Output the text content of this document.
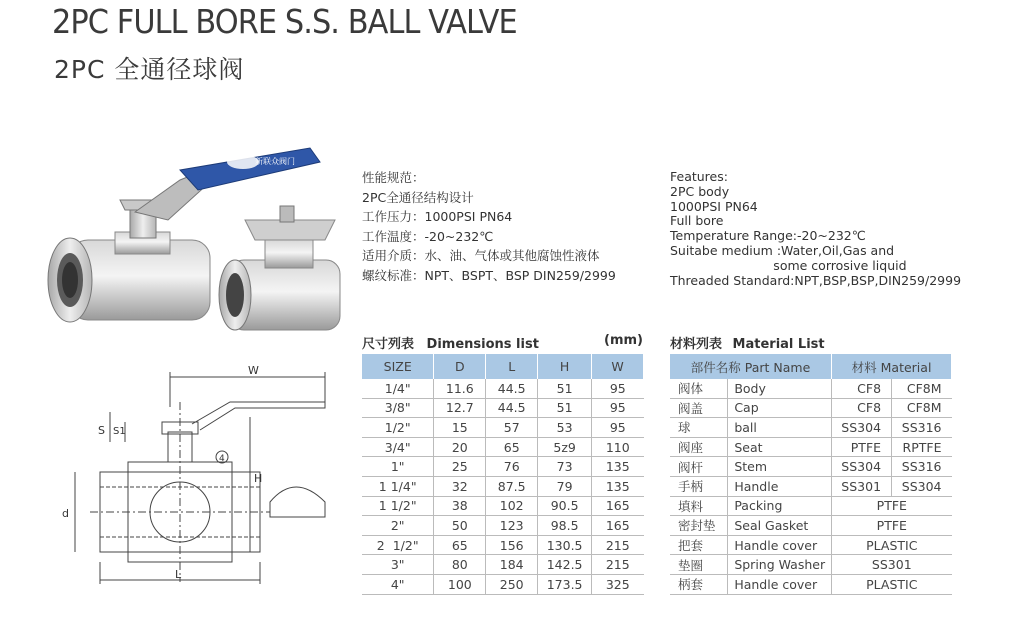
2PC FULL BORE S.S. BALL VALVE
2PC 全通径球阀
新联众阀门
W
H
S S1
d
L
4
性能规范：
2PC全通径结构设计
工作压力：1000PSI PN64
工作温度：-20~232℃
适用介质：水、油、气体或其他腐蚀性液体
螺纹标准：NPT、BSPT、BSP DIN259/2999
Features:
2PC body
1000PSI PN64
Full bore
Temperature Range:-20~232℃
Suitabe medium :Water,Oil,Gas and
some corrosive liquid
Threaded Standard:NPT,BSP,BSP,DIN259/2999
尺寸列表 Dimensions list	(mm)
SIZE	D	L	H	W
1/4"	11.6	44.5	51	95
3/8"	12.7	44.5	51	95
1/2"	15	57	53	95
3/4"	20	65	5z9	110
1"	25	76	73	135
1 1/4"	32	87.5	79	135
1 1/2"	38	102	90.5	165
2"	50	123	98.5	165
2  1/2"	65	156	130.5	215
3"	80	184	142.5	215
4"	100	250	173.5	325
材料列表 Material List
部件名称 Part Name		材料 Material	
阀体	Body	CF8	CF8M
阀盖	Cap	CF8	CF8M
球	ball	SS304	SS316
阀座	Seat	PTFE	RPTFE
阀杆	Stem	SS304	SS316
手柄	Handle	SS301	SS304
填料	Packing	PTFE	
密封垫	Seal Gasket	PTFE	
把套	Handle cover	PLASTIC	
垫圈	Spring Washer	SS301	
柄套	Handle cover	PLASTIC	
